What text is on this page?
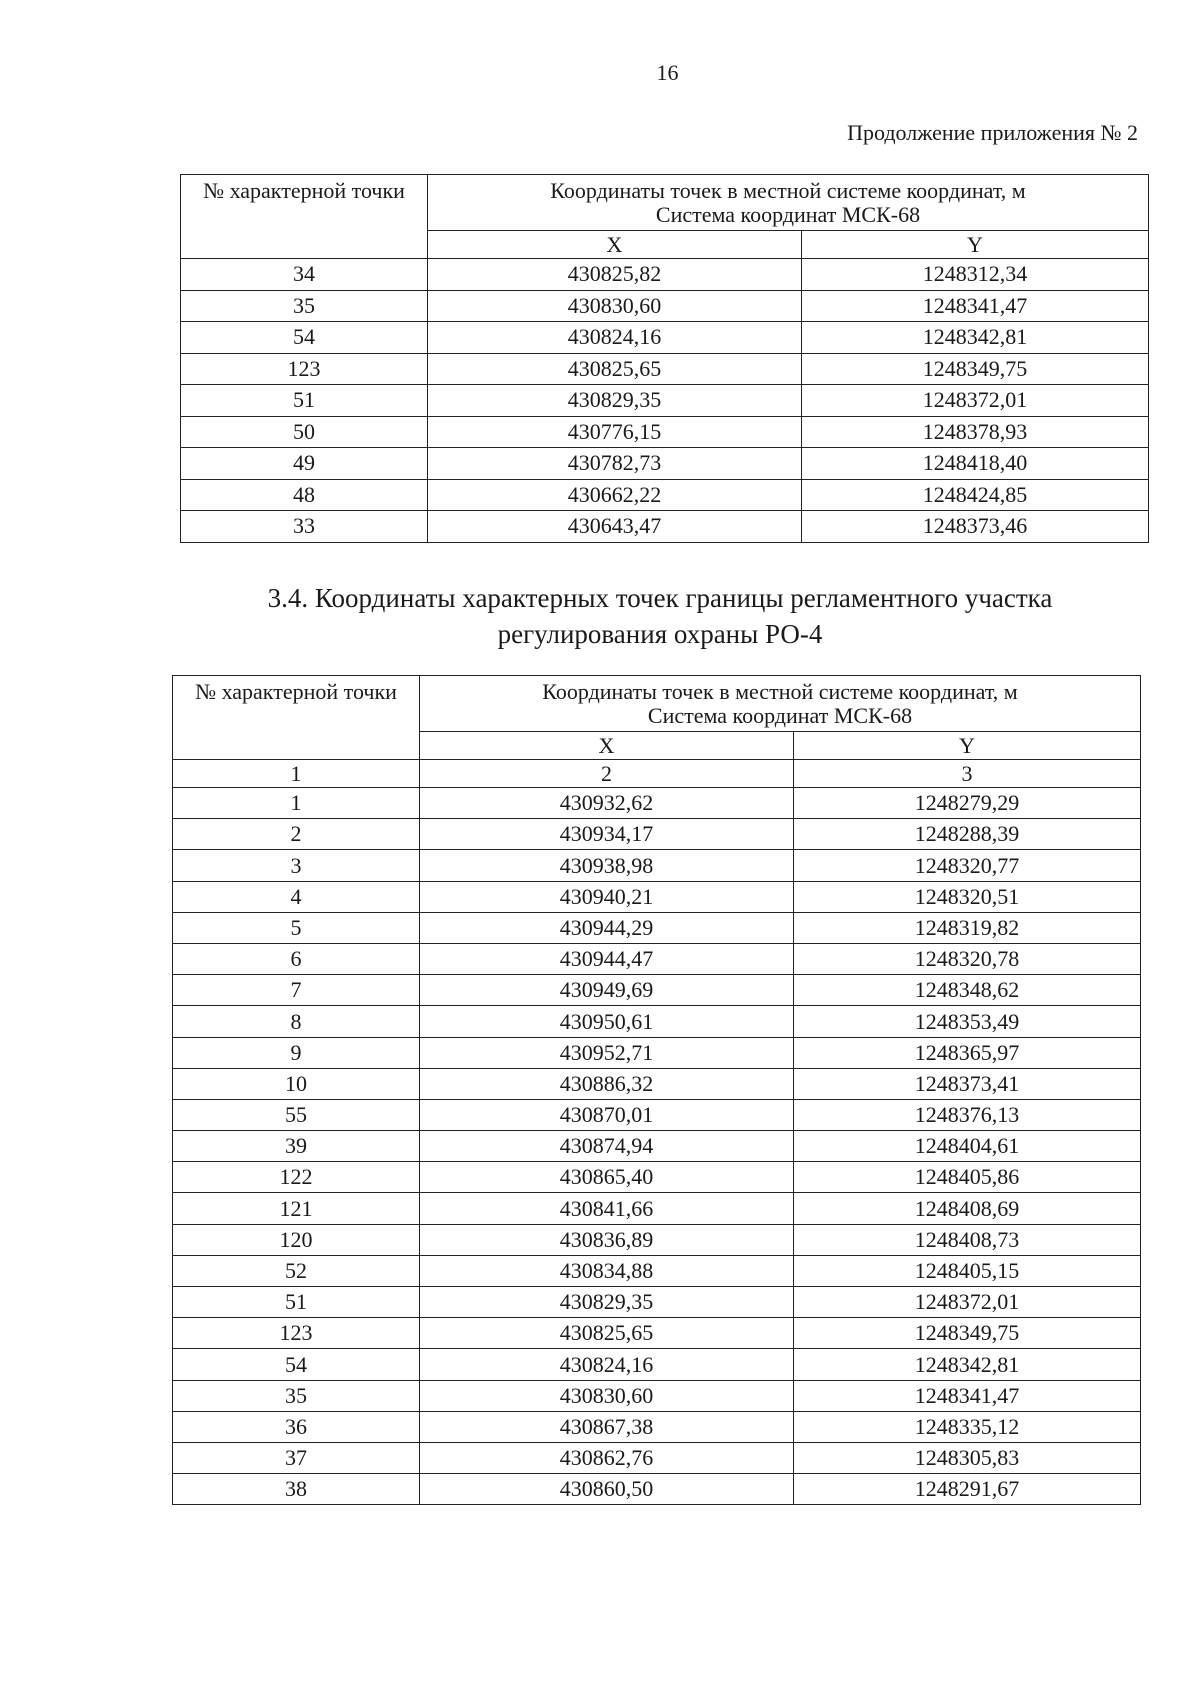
16
Продолжение приложения № 2
№ характерной точки	Координаты точек в местной системе координат, м
Система координат МСК-68	

	X	Y
34	430825,82	1248312,34
35	430830,60	1248341,47
54	430824,16	1248342,81
123	430825,65	1248349,75
51	430829,35	1248372,01
50	430776,15	1248378,93
49	430782,73	1248418,40
48	430662,22	1248424,85
33	430643,47	1248373,46
3.4. Координаты характерных точек границы регламентного участка
регулирования охраны РО-4
№ характерной точки	Координаты точек в местной системе координат, м
Система координат МСК-68	

	X	Y
1	2	3
1	430932,62	1248279,29
2	430934,17	1248288,39
3	430938,98	1248320,77
4	430940,21	1248320,51
5	430944,29	1248319,82
6	430944,47	1248320,78
7	430949,69	1248348,62
8	430950,61	1248353,49
9	430952,71	1248365,97
10	430886,32	1248373,41
55	430870,01	1248376,13
39	430874,94	1248404,61
122	430865,40	1248405,86
121	430841,66	1248408,69
120	430836,89	1248408,73
52	430834,88	1248405,15
51	430829,35	1248372,01
123	430825,65	1248349,75
54	430824,16	1248342,81
35	430830,60	1248341,47
36	430867,38	1248335,12
37	430862,76	1248305,83
38	430860,50	1248291,67
